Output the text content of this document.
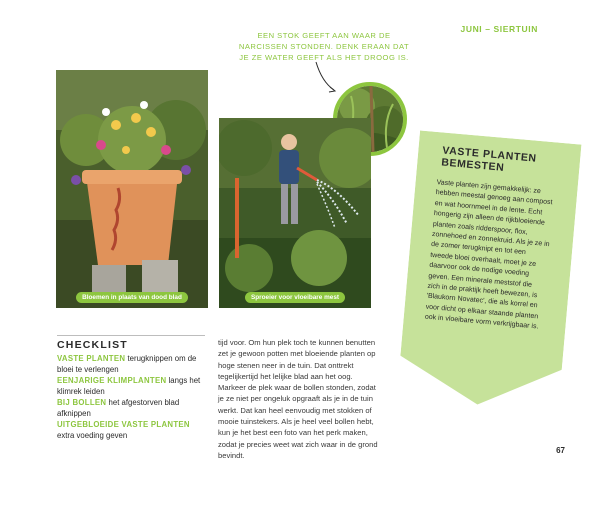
JUNI – SIERTUIN
EEN STOK GEEFT AAN WAAR DE NARCISSEN STONDEN. DENK ERAAN DAT JE ZE WATER GEEFT ALS HET DROOG IS.
Bloemen in plaats van dood blad	Sproeier voor vloeibare mest
CHECKLIST
VASTE PLANTEN terugknippen om de bloei te verlengen
EENJARIGE KLIMPLANTEN langs het klimrek leiden
BIJ BOLLEN het afgestorven blad afknippen
UITGEBLOEIDE VASTE PLANTEN extra voeding geven
tijd voor. Om hun plek toch te kunnen benutten zet je gewoon potten met bloeiende planten op hoge stenen neer in de tuin. Dat onttrekt tegelijkertijd het lelijke blad aan het oog. Markeer de plek waar de bollen stonden, zodat je ze niet per ongeluk opgraaft als je in de tuin werkt. Dat kan heel eenvoudig met stokken of mooie tuinstekers. Als je heel veel bollen hebt, kun je het best een foto van het perk maken, zodat je precies weet wat zich waar in de grond bevindt.
VASTE PLANTEN BEMESTEN
Vaste planten zijn gemakkelijk: ze hebben meestal genoeg aan compost en wat hoornmeel in de lente. Echt hongerig zijn alleen de rijkbloeiende planten zoals ridderspoor, flox, zonnehoed en zonnekruid. Als je ze in de zomer terugknipt en tot een tweede bloei overhaalt, moet je ze daarvoor ook de nodige voeding geven. Een minerale meststof die zich in de praktijk heeft bewezen, is 'Blaukorn Novatec', die als korrel en voor dicht op elkaar staande planten ook in vloeibare vorm verkrijgbaar is.
67
